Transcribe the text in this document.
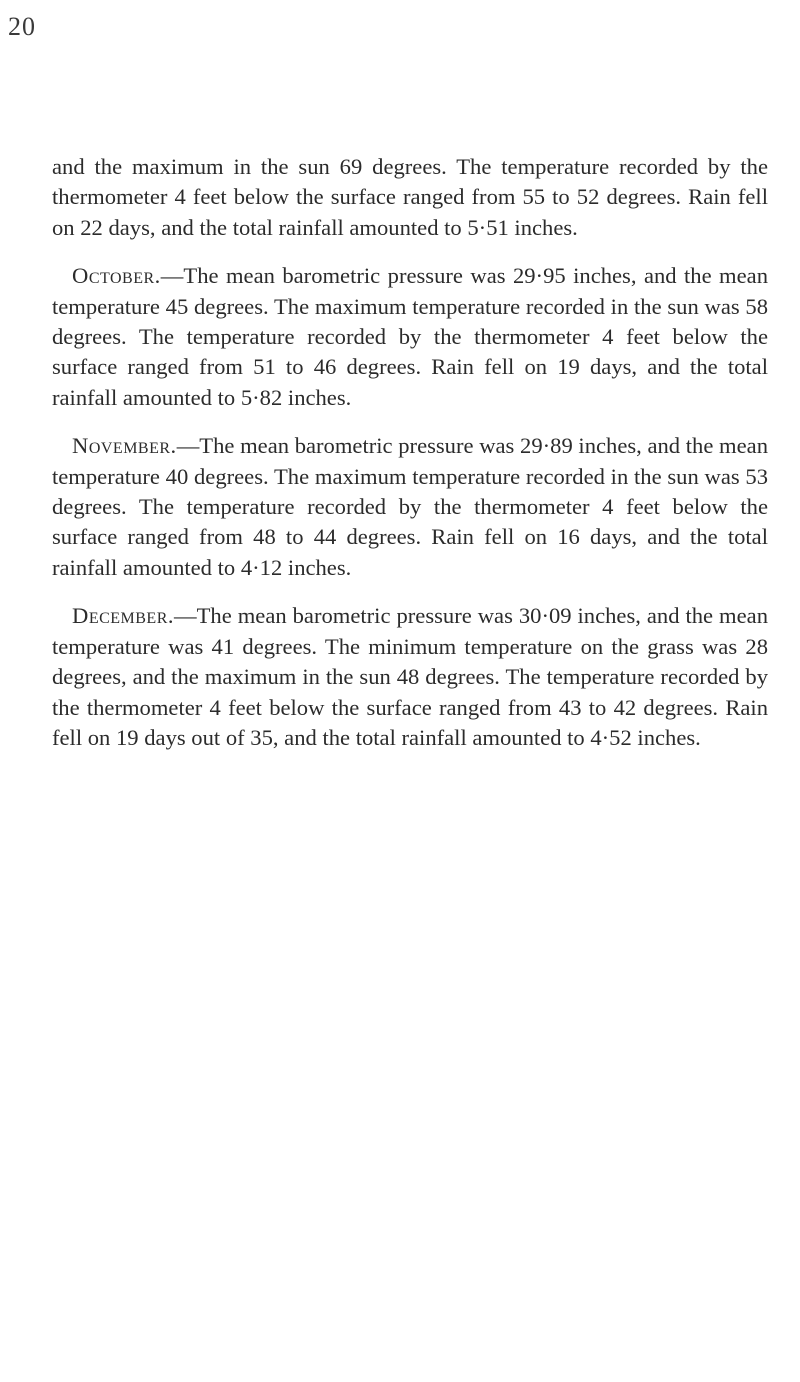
20

and the maximum in the sun 69 degrees. The temperature recorded by the thermometer 4 feet below the surface ranged from 55 to 52 degrees. Rain fell on 22 days, and the total rainfall amounted to 5·51 inches.

October.—The mean barometric pressure was 29·95 inches, and the mean temperature 45 degrees. The maximum temperature recorded in the sun was 58 degrees. The temperature recorded by the thermometer 4 feet below the surface ranged from 51 to 46 degrees. Rain fell on 19 days, and the total rainfall amounted to 5·82 inches.

November.—The mean barometric pressure was 29·89 inches, and the mean temperature 40 degrees. The maximum temperature recorded in the sun was 53 degrees. The temperature recorded by the thermometer 4 feet below the surface ranged from 48 to 44 degrees. Rain fell on 16 days, and the total rainfall amounted to 4·12 inches.

December.—The mean barometric pressure was 30·09 inches, and the mean temperature was 41 degrees. The minimum temperature on the grass was 28 degrees, and the maximum in the sun 48 degrees. The temperature recorded by the thermometer 4 feet below the surface ranged from 43 to 42 degrees. Rain fell on 19 days out of 35, and the total rainfall amounted to 4·52 inches.
